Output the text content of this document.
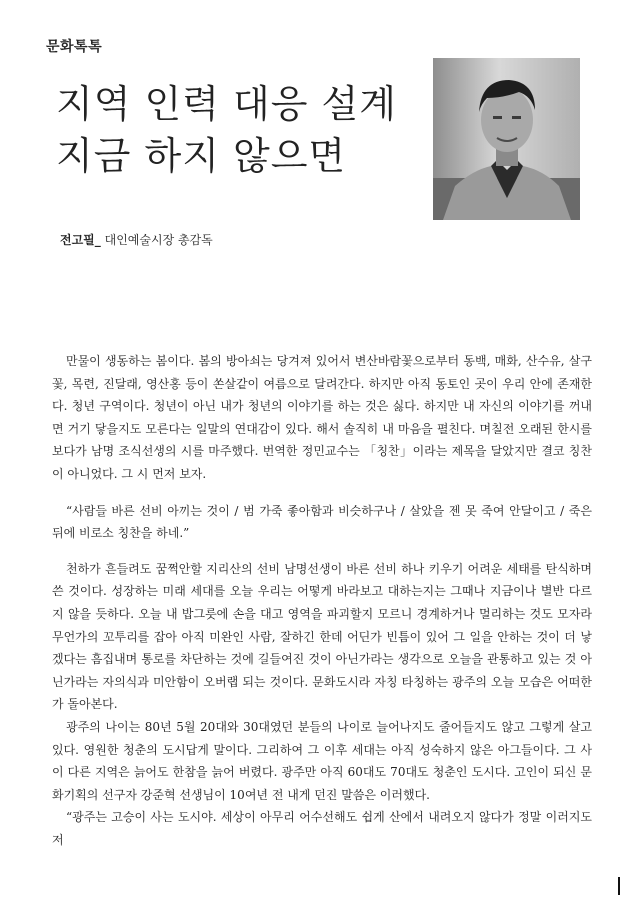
문화톡톡
지역 인력 대응 설계
지금 하지 않으면
전고필_ 대인예술시장 총감독

만물이 생동하는 봄이다. 봄의 방아쇠는 당겨져 있어서 변산바람꽃으로부터 동백, 매화, 산수유, 살구꽃, 목련, 진달래, 영산홍 등이 쏜살같이 여름으로 달려간다. 하지만 아직 동토인 곳이 우리 안에 존재한다. 청년 구역이다. 청년이 아닌 내가 청년의 이야기를 하는 것은 싫다. 하지만 내 자신의 이야기를 꺼내면 거기 닿을지도 모른다는 일말의 연대감이 있다. 해서 솔직히 내 마음을 펼친다. 며칠전 오래된 한시를 보다가 남명 조식선생의 시를 마주했다. 번역한 정민교수는 「칭찬」이라는 제목을 달았지만 결코 칭찬이 아니었다. 그 시 먼저 보자.

“사람들 바른 선비 아끼는 것이 / 범 가죽 좋아함과 비슷하구나 / 살았을 젠 못 죽여 안달이고 / 죽은 뒤에 비로소 칭찬을 하네.”

천하가 흔들려도 꿈쩍안할 지리산의 선비 남명선생이 바른 선비 하나 키우기 어려운 세태를 탄식하며 쓴 것이다. 성장하는 미래 세대를 오늘 우리는 어떻게 바라보고 대하는지는 그때나 지금이나 별반 다르지 않을 듯하다. 오늘 내 밥그릇에 손을 대고 영역을 파괴할지 모르니 경계하거나 멀리하는 것도 모자라 무언가의 꼬투리를 잡아 아직 미완인 사람, 잘하긴 한데 어딘가 빈틈이 있어 그 일을 안하는 것이 더 낳겠다는 흠집내며 통로를 차단하는 것에 길들여진 것이 아닌가라는 생각으로 오늘을 관통하고 있는 것 아닌가라는 자의식과 미안함이 오버랩 되는 것이다. 문화도시라 자칭 타칭하는 광주의 오늘 모습은 어떠한가 돌아본다.

광주의 나이는 80년 5월 20대와 30대였던 분들의 나이로 늘어나지도 줄어들지도 않고 그렇게 살고 있다. 영원한 청춘의 도시답게 말이다. 그리하여 그 이후 세대는 아직 성숙하지 않은 아그들이다. 그 사이 다른 지역은 늙어도 한참을 늙어 버렸다. 광주만 아직 60대도 70대도 청춘인 도시다. 고인이 되신 문화기획의 선구자 강준혁 선생님이 10여년 전 내게 던진 말씀은 이러했다.

“광주는 고승이 사는 도시야. 세상이 아무리 어수선해도 쉽게 산에서 내려오지 않다가 정말 이러지도 저
